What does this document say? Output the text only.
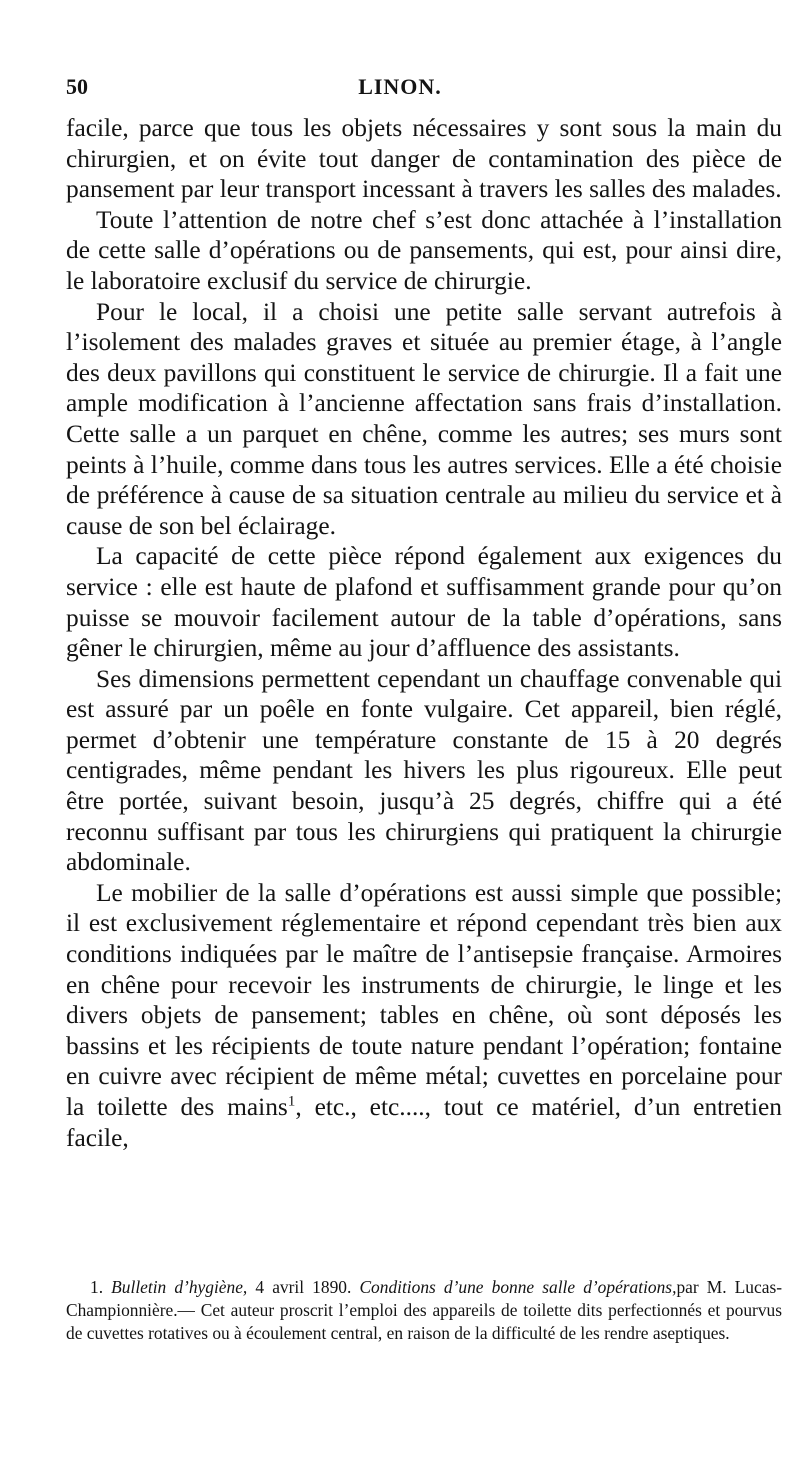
50	LINON.

facile, parce que tous les objets nécessaires y sont sous la main du chirurgien, et on évite tout danger de contamination des pièce de pansement par leur transport incessant à travers les salles des malades.

Toute l’attention de notre chef s’est donc attachée à l’installation de cette salle d’opérations ou de pansements, qui est, pour ainsi dire, le laboratoire exclusif du service de chirurgie.

Pour le local, il a choisi une petite salle servant autrefois à l’isolement des malades graves et située au premier étage, à l’angle des deux pavillons qui constituent le service de chirurgie. Il a fait une ample modification à l’ancienne affectation sans frais d’installation. Cette salle a un parquet en chêne, comme les autres; ses murs sont peints à l’huile, comme dans tous les autres services. Elle a été choisie de préférence à cause de sa situation centrale au milieu du service et à cause de son bel éclairage.

La capacité de cette pièce répond également aux exigences du service : elle est haute de plafond et suffisamment grande pour qu’on puisse se mouvoir facilement autour de la table d’opérations, sans gêner le chirurgien, même au jour d’affluence des assistants.

Ses dimensions permettent cependant un chauffage convenable qui est assuré par un poêle en fonte vulgaire. Cet appareil, bien réglé, permet d’obtenir une température constante de 15 à 20 degrés centigrades, même pendant les hivers les plus rigoureux. Elle peut être portée, suivant besoin, jusqu’à 25 degrés, chiffre qui a été reconnu suffisant par tous les chirurgiens qui pratiquent la chirurgie abdominale.

Le mobilier de la salle d’opérations est aussi simple que possible; il est exclusivement réglementaire et répond cependant très bien aux conditions indiquées par le maître de l’antisepsie française. Armoires en chêne pour recevoir les instruments de chirurgie, le linge et les divers objets de pansement; tables en chêne, où sont déposés les bassins et les récipients de toute nature pendant l’opération; fontaine en cuivre avec récipient de même métal; cuvettes en porcelaine pour la toilette des mains$^1$, etc., etc...., tout ce matériel, d’un entretien facile,

1. Bulletin d’hygiène, 4 avril 1890. Conditions d’une bonne salle d’opérations,par M. Lucas-Championnière.— Cet auteur proscrit l’emploi des appareils de toilette dits perfectionnés et pourvus de cuvettes rotatives ou à écoulement central, en raison de la difficulté de les rendre aseptiques.
